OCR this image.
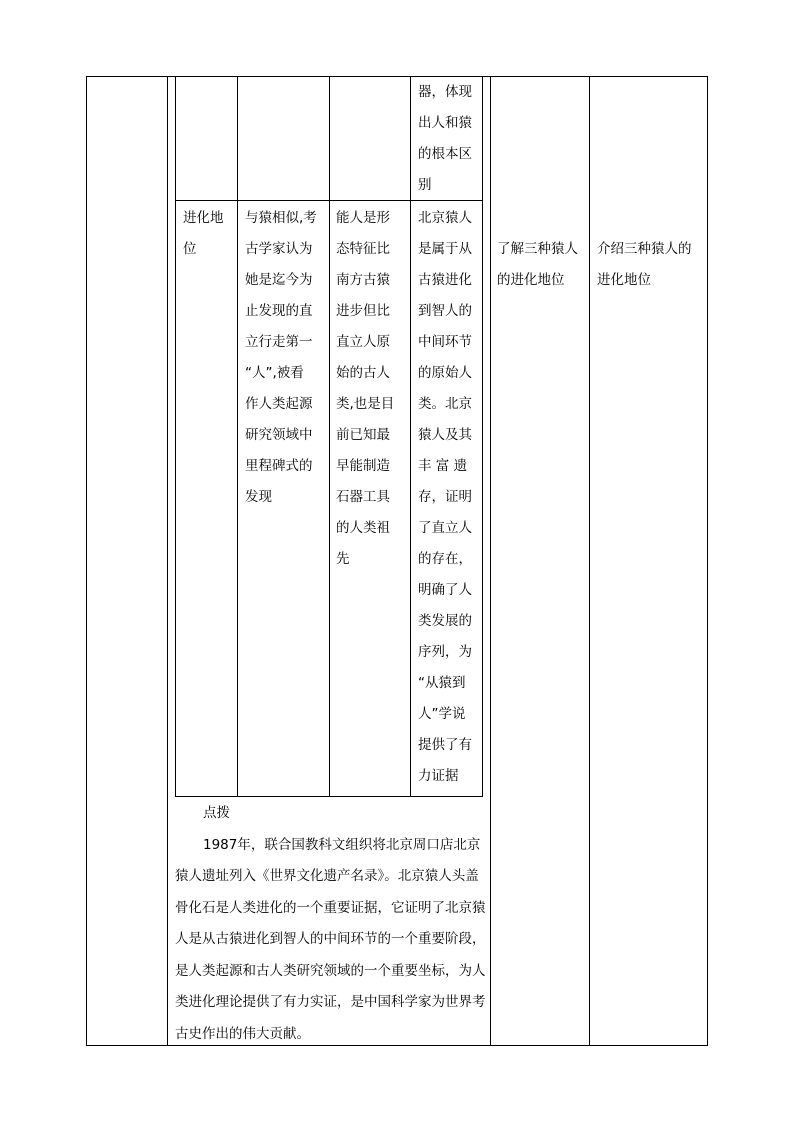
器，体现
出人和猿
的根本区
别
进化地
位
与猿相似,考
古学家认为
她是迄今为
止发现的直
立行走第一
“人”,被看
作人类起源
研究领域中
里程碑式的
发现
能人是形
态特征比
南方古猿
进步但比
直立人原
始的古人
类,也是目
前已知最
早能制造
石器工具
的人类祖
先
北京猿人
是属于从
古猿进化
到智人的
中间环节
的原始人
类。北京
猿人及其
丰 富 遗
存，证明
了直立人
的存在，
明确了人
类发展的
序列，为
“从猿到
人”学说
提供了有
力证据
了解三种猿人
的进化地位
介绍三种猿人的
进化地位

点拨

1987年，联合国教科文组织将北京周口店北京猿人遗址列入《世界文化遗产名录》。北京猿人头盖骨化石是人类进化的一个重要证据，它证明了北京猿人是从古猿进化到智人的中间环节的一个重要阶段，是人类起源和古人类研究领域的一个重要坐标，为人类进化理论提供了有力实证，是中国科学家为世界考古史作出的伟大贡献。
